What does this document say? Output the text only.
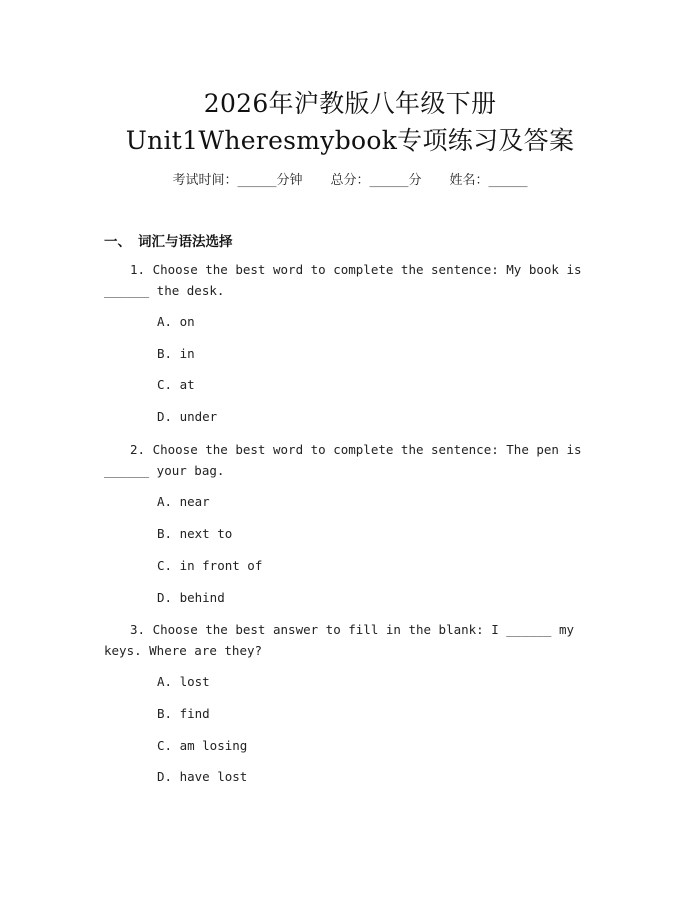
2026年沪教版八年级下册
Unit1Wheresmybook专项练习及答案
考试时间：______分钟 总分：______分 姓名：______
一、 词汇与语法选择
1. Choose the best word to complete the sentence: My book is ______ the desk.
A. on
B. in
C. at
D. under
2. Choose the best word to complete the sentence: The pen is ______ your bag.
A. near
B. next to
C. in front of
D. behind
3. Choose the best answer to fill in the blank: I ______ my keys. Where are they?
A. lost
B. find
C. am losing
D. have lost
